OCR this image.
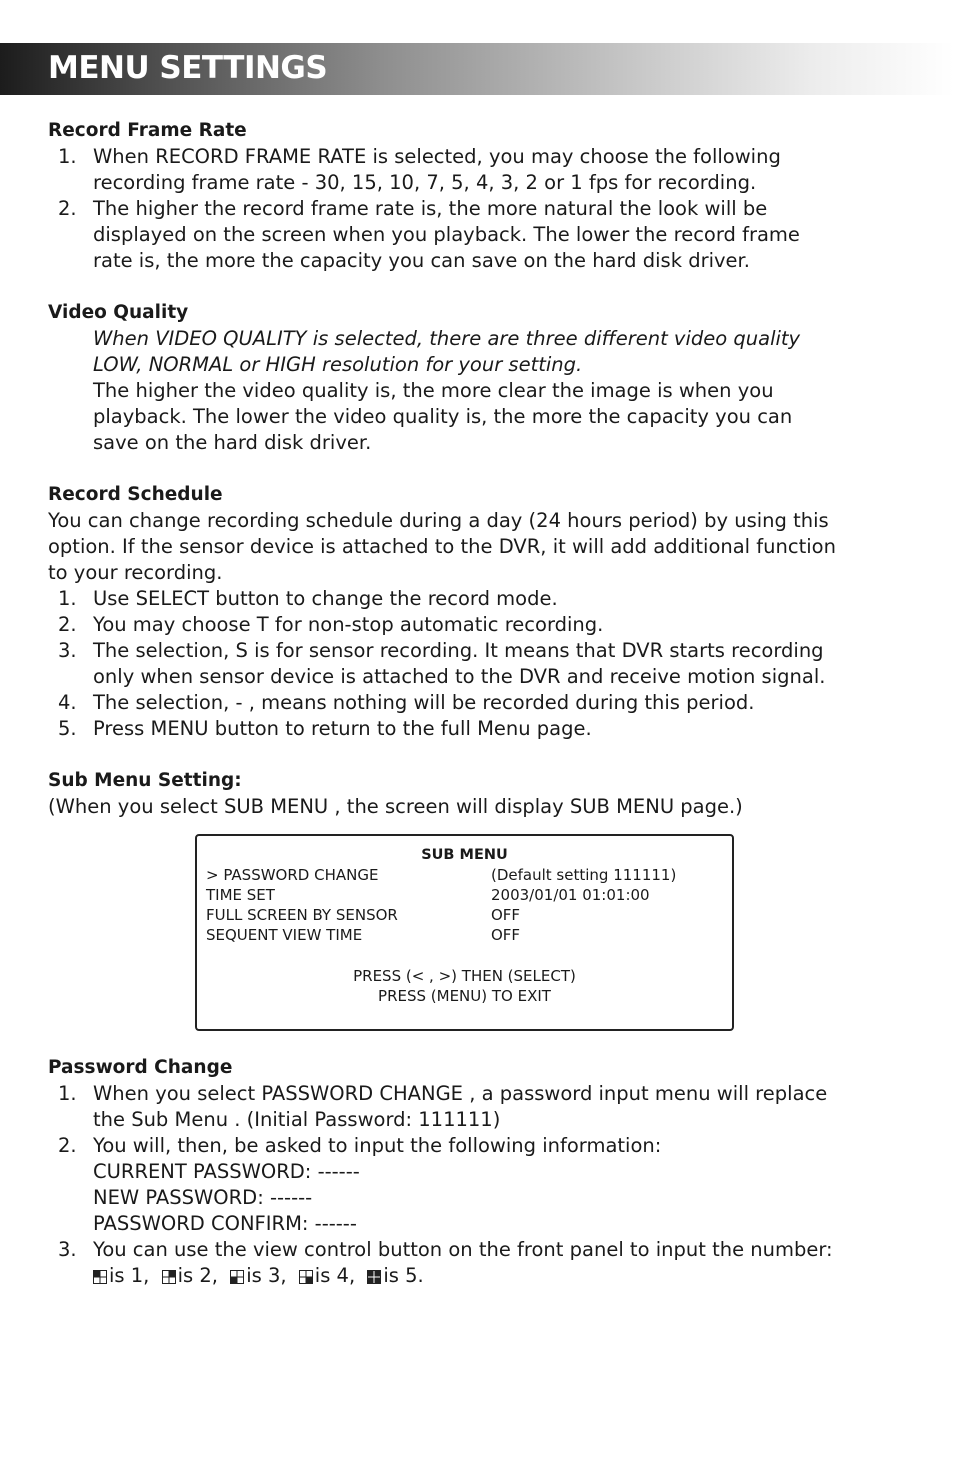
MENU SETTINGS
Record Frame Rate
1. When RECORD FRAME RATE is selected, you may choose the following
recording frame rate - 30, 15, 10, 7, 5, 4, 3, 2 or 1 fps for recording.
2. The higher the record frame rate is, the more natural the look will be
displayed on the screen when you playback. The lower the record frame
rate is, the more the capacity you can save on the hard disk driver.
Video Quality
When VIDEO QUALITY is selected, there are three different video quality
LOW, NORMAL or HIGH resolution for your setting.
The higher the video quality is, the more clear the image is when you
playback. The lower the video quality is, the more the capacity you can
save on the hard disk driver.
Record Schedule
You can change recording schedule during a day (24 hours period) by using this
option. If the sensor device is attached to the DVR, it will add additional function
to your recording.
1. Use SELECT button to change the record mode.
2. You may choose T for non-stop automatic recording.
3. The selection, S is for sensor recording. It means that DVR starts recording
only when sensor device is attached to the DVR and receive motion signal.
4. The selection, - , means nothing will be recorded during this period.
5. Press MENU button to return to the full Menu page.
Sub Menu Setting:
(When you select SUB MENU , the screen will display SUB MENU page.)
SUB MENU
> PASSWORD CHANGE	(Default setting 111111)
TIME SET	2003/01/01 01:01:00
FULL SCREEN BY SENSOR	OFF
SEQUENT VIEW TIME	OFF
PRESS (< , >) THEN (SELECT)
PRESS (MENU) TO EXIT
Password Change
1. When you select PASSWORD CHANGE , a password input menu will replace
the Sub Menu . (Initial Password: 111111)
2. You will, then, be asked to input the following information:
CURRENT PASSWORD: ------
NEW PASSWORD: ------
PASSWORD CONFIRM: ------
3. You can use the view control button on the front panel to input the number:
is 1, is 2, is 3, is 4, is 5.
